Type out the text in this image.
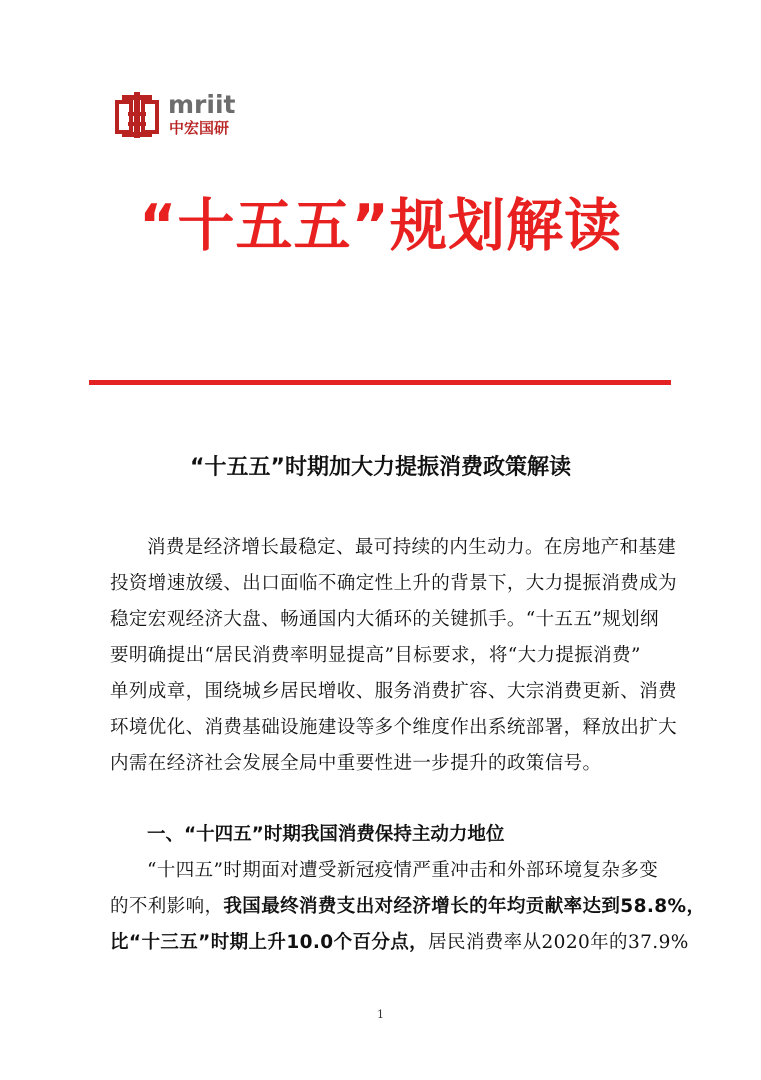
mriit
中宏国研
“十五五”规划解读
“十五五”时期加大力提振消费政策解读
消费是经济增长最稳定、最可持续的内生动力。在房地产和基建
投资增速放缓、出口面临不确定性上升的背景下，大力提振消费成为
稳定宏观经济大盘、畅通国内大循环的关键抓手。“十五五”规划纲
要明确提出“居民消费率明显提高”目标要求，将“大力提振消费”
单列成章，围绕城乡居民增收、服务消费扩容、大宗消费更新、消费
环境优化、消费基础设施建设等多个维度作出系统部署，释放出扩大
内需在经济社会发展全局中重要性进一步提升的政策信号。
一、“十四五”时期我国消费保持主动力地位
“十四五”时期面对遭受新冠疫情严重冲击和外部环境复杂多变
的不利影响，我国最终消费支出对经济增长的年均贡献率达到58.8%，
比“十三五”时期上升10.0个百分点，居民消费率从2020年的37.9%
1
